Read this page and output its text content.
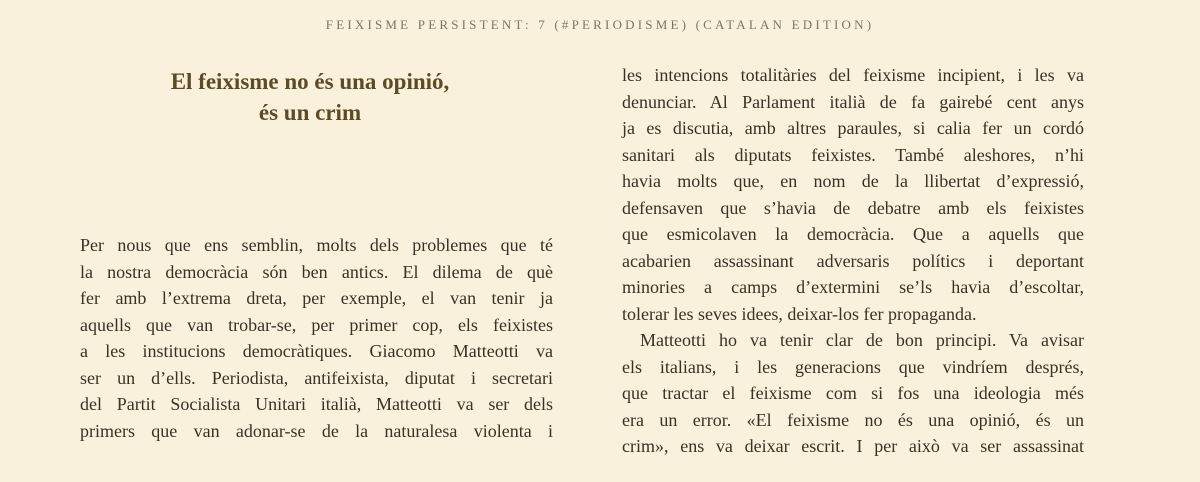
FEIXISME PERSISTENT: 7 (#PERIODISME) (CATALAN EDITION)
El feixisme no és una opinió,
és un crim

Per nous que ens semblin, molts dels problemes que té
la nostra democràcia són ben antics. El dilema de què
fer amb l’extrema dreta, per exemple, el van tenir ja
aquells que van trobar-se, per primer cop, els feixistes
a les institucions democràtiques. Giacomo Matteotti va
ser un d’ells. Periodista, antifeixista, diputat i secretari
del Partit Socialista Unitari italià, Matteotti va ser dels
primers que van adonar-se de la naturalesa violenta i

les intencions totalitàries del feixisme incipient, i les va
denunciar. Al Parlament italià de fa gairebé cent anys
ja es discutia, amb altres paraules, si calia fer un cordó
sanitari als diputats feixistes. També aleshores, n’hi
havia molts que, en nom de la llibertat d’expressió,
defensaven que s’havia de debatre amb els feixistes
que esmicolaven la democràcia. Que a aquells que
acabarien assassinant adversaris polítics i deportant
minories a camps d’extermini se’ls havia d’escoltar,
tolerar les seves idees, deixar-los fer propaganda.

Matteotti ho va tenir clar de bon principi. Va avisar
els italians, i les generacions que vindríem després,
que tractar el feixisme com si fos una ideologia més
era un error. «El feixisme no és una opinió, és un
crim», ens va deixar escrit. I per això va ser assassinat
